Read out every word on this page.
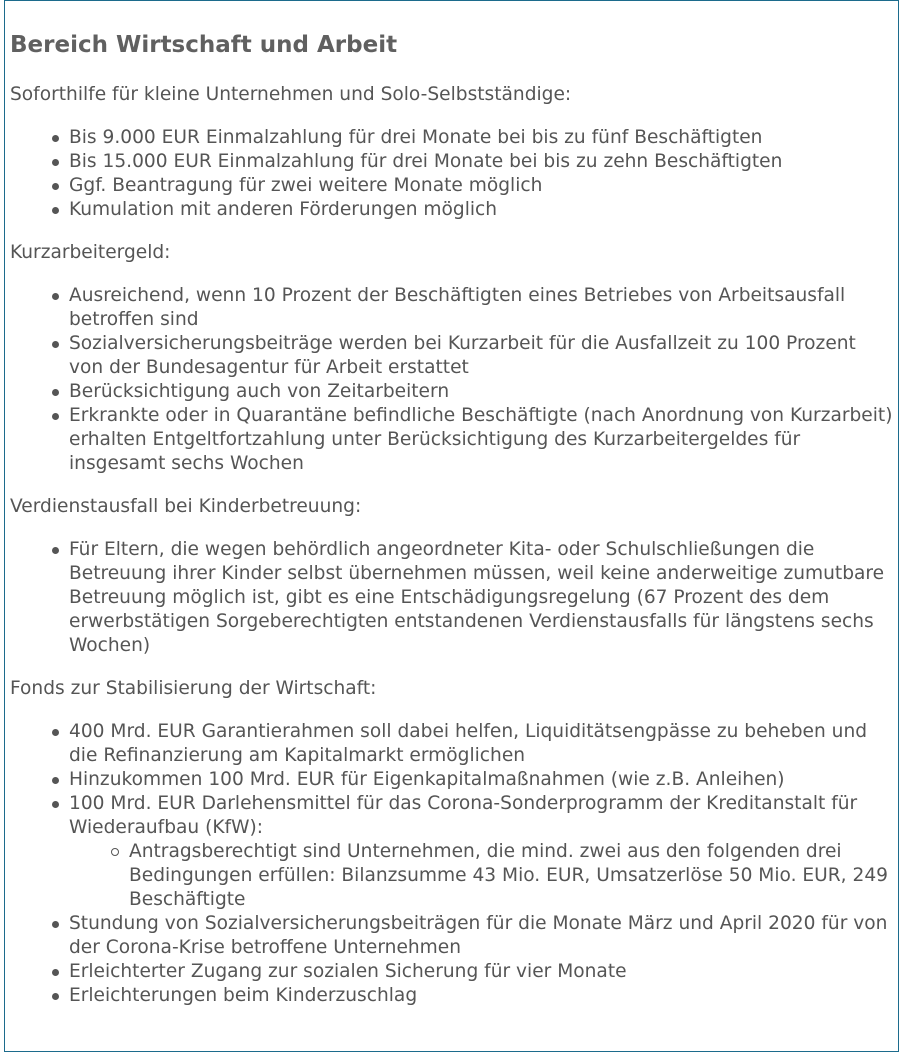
Bereich Wirtschaft und Arbeit

Soforthilfe für kleine Unternehmen und Solo-Selbstständige:

Bis 9.000 EUR Einmalzahlung für drei Monate bei bis zu fünf Beschäftigten
Bis 15.000 EUR Einmalzahlung für drei Monate bei bis zu zehn Beschäftigten
Ggf. Beantragung für zwei weitere Monate möglich
Kumulation mit anderen Förderungen möglich

Kurzarbeitergeld:

Ausreichend, wenn 10 Prozent der Beschäftigten eines Betriebes von Arbeitsausfall betroffen sind
Sozialversicherungsbeiträge werden bei Kurzarbeit für die Ausfallzeit zu 100 Prozent von der Bundesagentur für Arbeit erstattet
Berücksichtigung auch von Zeitarbeitern
Erkrankte oder in Quarantäne befindliche Beschäftigte (nach Anordnung von Kurzarbeit) erhalten Entgeltfortzahlung unter Berücksichtigung des Kurzarbeitergeldes für insgesamt sechs Wochen

Verdienstausfall bei Kinderbetreuung:

Für Eltern, die wegen behördlich angeordneter Kita- oder Schulschließungen die Betreuung ihrer Kinder selbst übernehmen müssen, weil keine anderweitige zumutbare Betreuung möglich ist, gibt es eine Entschädigungsregelung (67 Prozent des dem erwerbstätigen Sorgeberechtigten entstandenen Verdienstausfalls für längstens sechs Wochen)

Fonds zur Stabilisierung der Wirtschaft:

400 Mrd. EUR Garantierahmen soll dabei helfen, Liquiditätsengpässe zu beheben und die Refinanzierung am Kapitalmarkt ermöglichen
Hinzukommen 100 Mrd. EUR für Eigenkapitalmaßnahmen (wie z.B. Anleihen)
100 Mrd. EUR Darlehensmittel für das Corona-Sonderprogramm der Kreditanstalt für Wiederaufbau (KfW):
Antragsberechtigt sind Unternehmen, die mind. zwei aus den folgenden drei Bedingungen erfüllen: Bilanzsumme 43 Mio. EUR, Umsatzerlöse 50 Mio. EUR, 249 Beschäftigte
Stundung von Sozialversicherungsbeiträgen für die Monate März und April 2020 für von der Corona-Krise betroffene Unternehmen
Erleichterter Zugang zur sozialen Sicherung für vier Monate
Erleichterungen beim Kinderzuschlag
